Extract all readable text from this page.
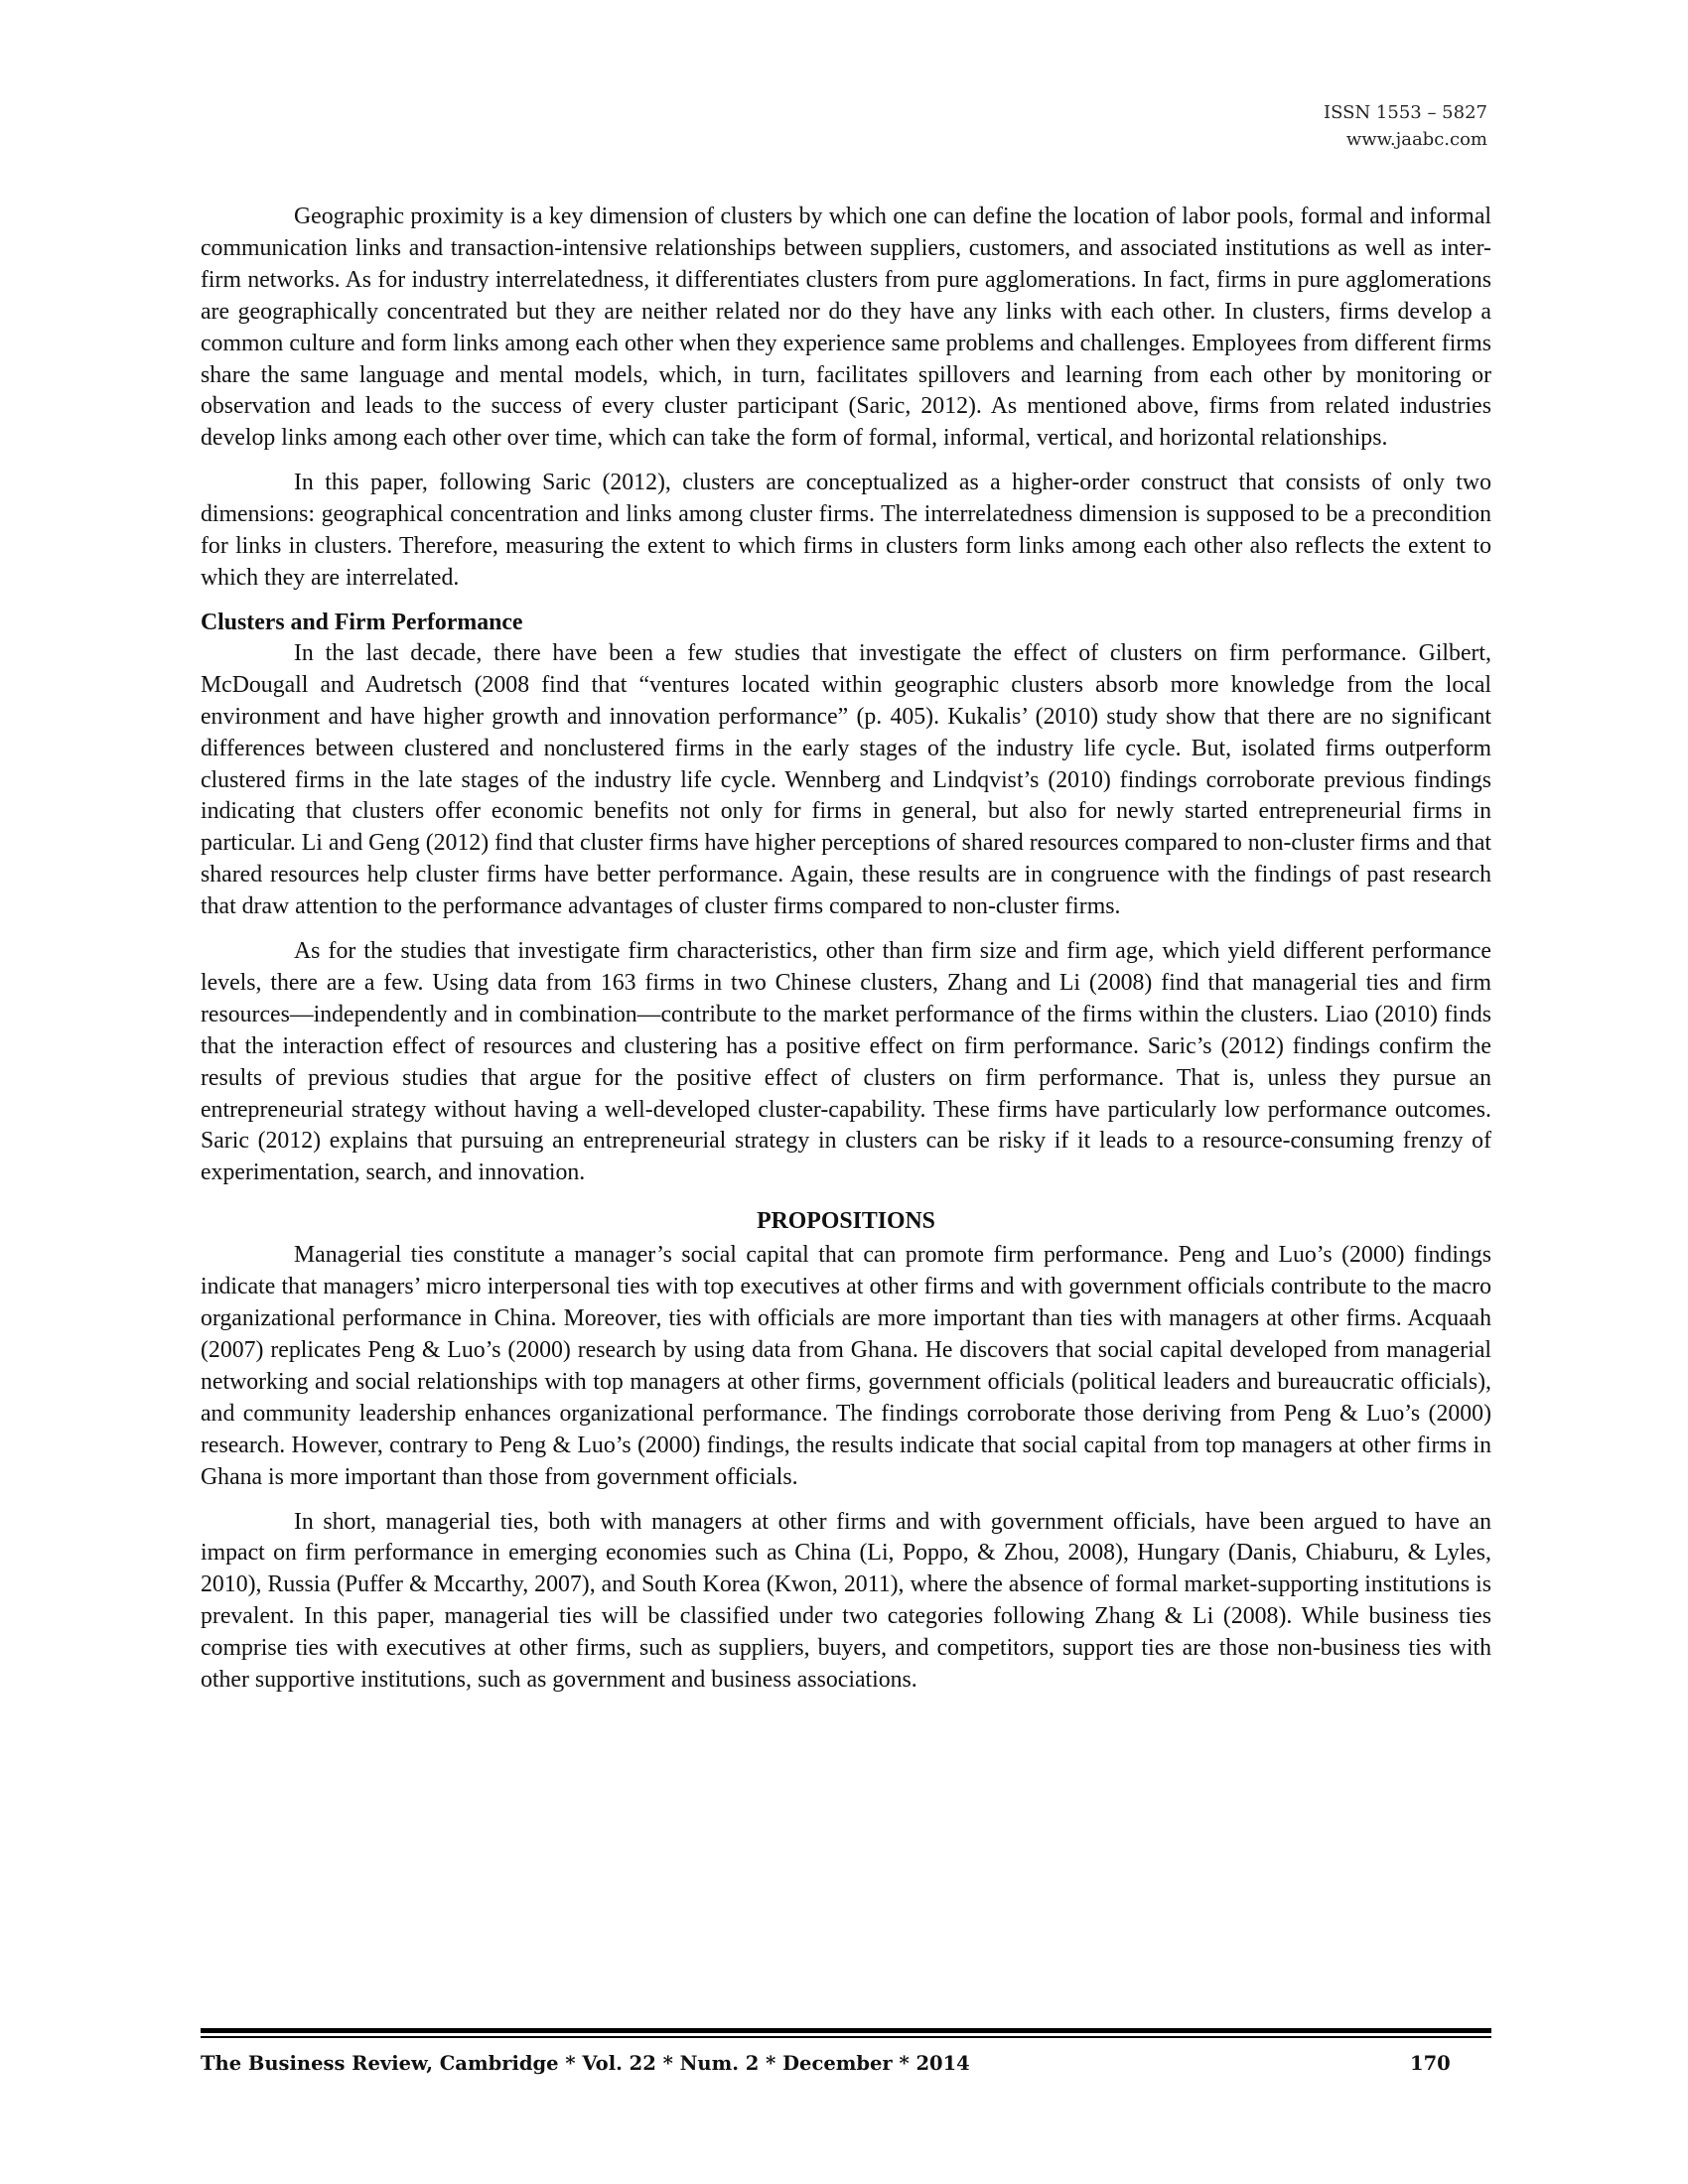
ISSN 1553 – 5827
www.jaabc.com

Geographic proximity is a key dimension of clusters by which one can define the location of labor pools, formal and informal communication links and transaction-intensive relationships between suppliers, customers, and associated institutions as well as inter-firm networks. As for industry interrelatedness, it differentiates clusters from pure agglomerations. In fact, firms in pure agglomerations are geographically concentrated but they are neither related nor do they have any links with each other. In clusters, firms develop a common culture and form links among each other when they experience same problems and challenges. Employees from different firms share the same language and mental models, which, in turn, facilitates spillovers and learning from each other by monitoring or observation and leads to the success of every cluster participant (Saric, 2012). As mentioned above, firms from related industries develop links among each other over time, which can take the form of formal, informal, vertical, and horizontal relationships.

In this paper, following Saric (2012), clusters are conceptualized as a higher-order construct that consists of only two dimensions: geographical concentration and links among cluster firms. The interrelatedness dimension is supposed to be a precondition for links in clusters. Therefore, measuring the extent to which firms in clusters form links among each other also reflects the extent to which they are interrelated.

Clusters and Firm Performance

In the last decade, there have been a few studies that investigate the effect of clusters on firm performance. Gilbert, McDougall and Audretsch (2008 find that “ventures located within geographic clusters absorb more knowledge from the local environment and have higher growth and innovation performance” (p. 405). Kukalis’ (2010) study show that there are no significant differences between clustered and nonclustered firms in the early stages of the industry life cycle. But, isolated firms outperform clustered firms in the late stages of the industry life cycle. Wennberg and Lindqvist’s (2010) findings corroborate previous findings indicating that clusters offer economic benefits not only for firms in general, but also for newly started entrepreneurial firms in particular. Li and Geng (2012) find that cluster firms have higher perceptions of shared resources compared to non-cluster firms and that shared resources help cluster firms have better performance. Again, these results are in congruence with the findings of past research that draw attention to the performance advantages of cluster firms compared to non-cluster firms.

As for the studies that investigate firm characteristics, other than firm size and firm age, which yield different performance levels, there are a few. Using data from 163 firms in two Chinese clusters, Zhang and Li (2008) find that managerial ties and firm resources—independently and in combination—contribute to the market performance of the firms within the clusters. Liao (2010) finds that the interaction effect of resources and clustering has a positive effect on firm performance. Saric’s (2012) findings confirm the results of previous studies that argue for the positive effect of clusters on firm performance. That is, unless they pursue an entrepreneurial strategy without having a well-developed cluster-capability. These firms have particularly low performance outcomes. Saric (2012) explains that pursuing an entrepreneurial strategy in clusters can be risky if it leads to a resource-consuming frenzy of experimentation, search, and innovation.

PROPOSITIONS

Managerial ties constitute a manager’s social capital that can promote firm performance. Peng and Luo’s (2000) findings indicate that managers’ micro interpersonal ties with top executives at other firms and with government officials contribute to the macro organizational performance in China. Moreover, ties with officials are more important than ties with managers at other firms. Acquaah (2007) replicates Peng & Luo’s (2000) research by using data from Ghana. He discovers that social capital developed from managerial networking and social relationships with top managers at other firms, government officials (political leaders and bureaucratic officials), and community leadership enhances organizational performance. The findings corroborate those deriving from Peng & Luo’s (2000) research. However, contrary to Peng & Luo’s (2000) findings, the results indicate that social capital from top managers at other firms in Ghana is more important than those from government officials.

In short, managerial ties, both with managers at other firms and with government officials, have been argued to have an impact on firm performance in emerging economies such as China (Li, Poppo, & Zhou, 2008), Hungary (Danis, Chiaburu, & Lyles, 2010), Russia (Puffer & Mccarthy, 2007), and South Korea (Kwon, 2011), where the absence of formal market-supporting institutions is prevalent. In this paper, managerial ties will be classified under two categories following Zhang & Li (2008). While business ties comprise ties with executives at other firms, such as suppliers, buyers, and competitors, support ties are those non-business ties with other supportive institutions, such as government and business associations.

The Business Review, Cambridge * Vol. 22 * Num. 2 * December * 2014	170
